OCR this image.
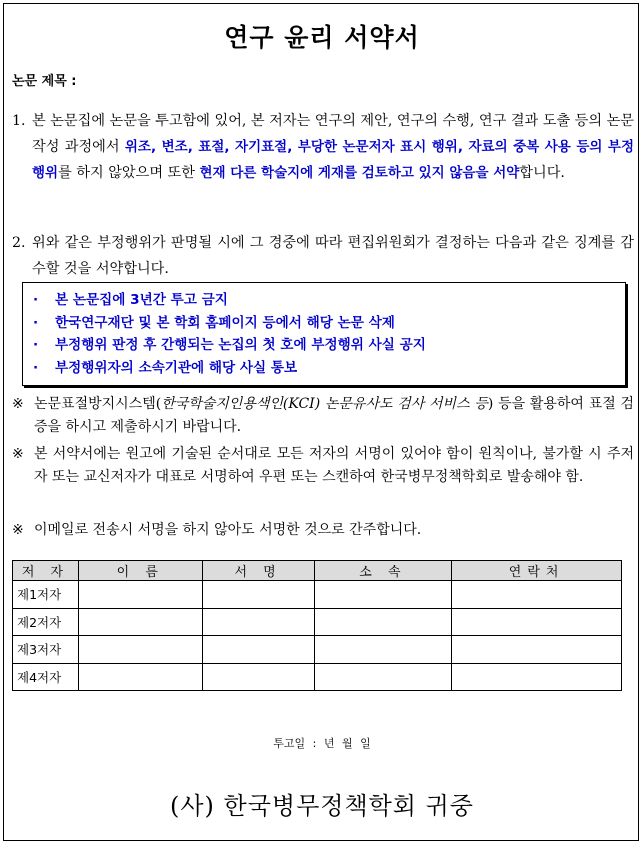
연구 윤리 서약서
논문 제목 :
1. 본 논문집에 논문을 투고함에 있어, 본 저자는 연구의 제안, 연구의 수행, 연구 결과 도출 등의 논문 작성 과정에서 위조, 변조, 표절, 자기표절, 부당한 논문저자 표시 행위, 자료의 중복 사용 등의 부정행위를 하지 않았으며 또한 현재 다른 학술지에 게재를 검토하고 있지 않음을 서약합니다.
2. 위와 같은 부정행위가 판명될 시에 그 경중에 따라 편집위원회가 결정하는 다음과 같은 징계를 감수할 것을 서약합니다.
· 본 논문집에 3년간 투고 금지
· 한국연구재단 및 본 학회 홈페이지 등에서 해당 논문 삭제
· 부정행위 판정 후 간행되는 논집의 첫 호에 부정행위 사실 공지
· 부정행위자의 소속기관에 해당 사실 통보
※ 논문표절방지시스템(한국학술지인용색인(KCI) 논문유사도 검사 서비스 등) 등을 활용하여 표절 검증을 하시고 제출하시기 바랍니다.
※ 본 서약서에는 원고에 기술된 순서대로 모든 저자의 서명이 있어야 함이 원칙이나, 불가할 시 주저자 또는 교신저자가 대표로 서명하여 우편 또는 스캔하여 한국병무정책학회로 발송해야 함.
※ 이메일로 전송시 서명을 하지 않아도 서명한 것으로 간주합니다.
저 자	이 름	서 명	소 속	연락처
제1저자				
제2저자				
제3저자				
제4저자				
투고일 : 년 월 일
(사) 한국병무정책학회 귀중
